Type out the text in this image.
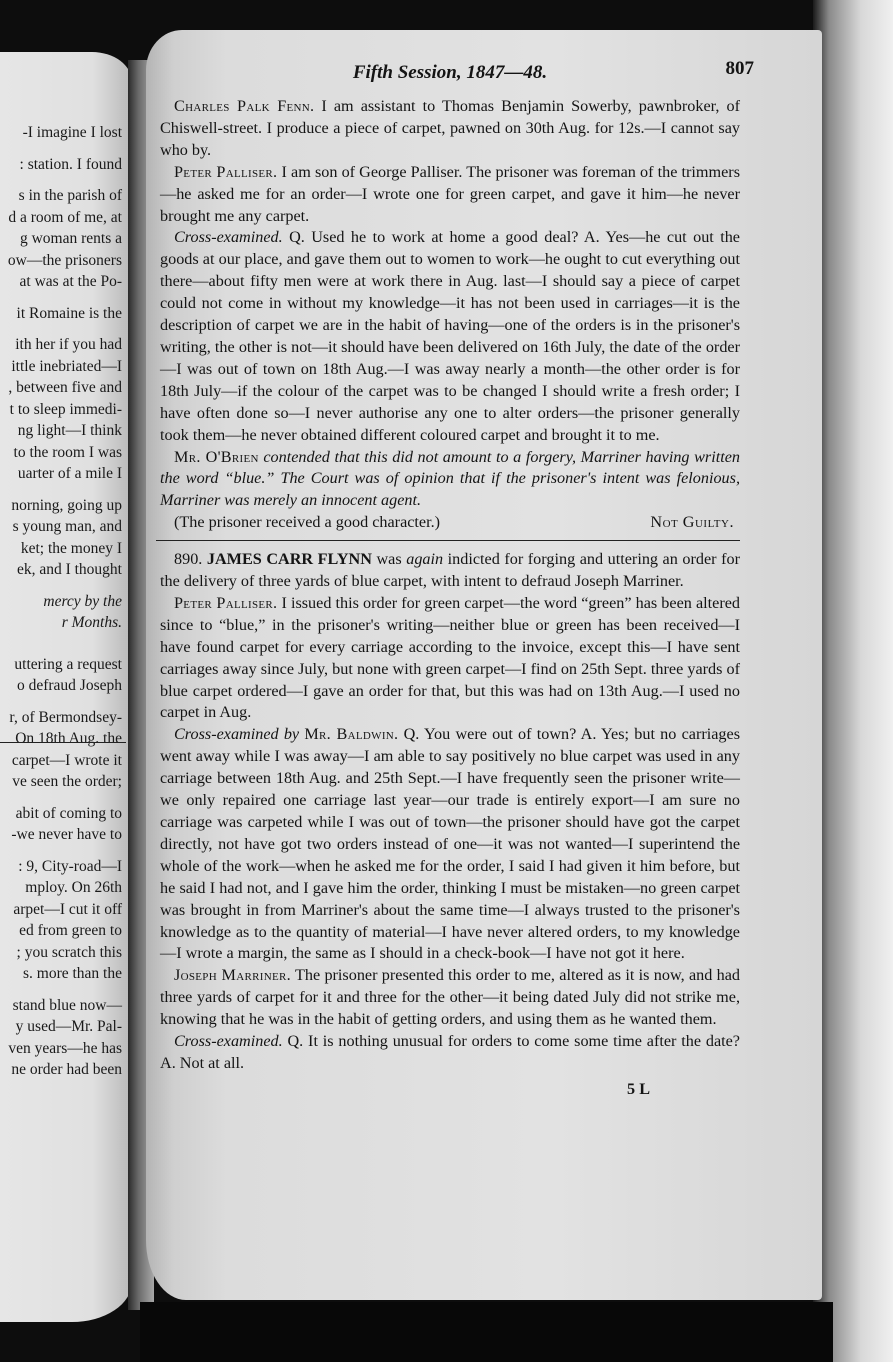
-I imagine I lost
: station. I found
s in the parish of
d a room of me, at
g woman rents a
ow—the prisoners
at was at the Po-
it Romaine is the
ith her if you had
ittle inebriated—I
, between five and
t to sleep immedi-
ng light—I think
to the room I was
uarter of a mile I
norning, going up
s young man, and
ket; the money I
ek, and I thought
mercy by the
r Months.
uttering a request
o defraud Joseph
r, of Bermondsey-
On 18th Aug. the
carpet—I wrote it
ve seen the order;
abit of coming to
-we never have to
: 9, City-road—I
mploy. On 26th
arpet—I cut it off
ed from green to
; you scratch this
s. more than the
stand blue now—
y used—Mr. Pal-
ven years—he has
ne order had been
Fifth Session, 1847—48.	807

Charles Palk Fenn. I am assistant to Thomas Benjamin Sowerby, pawnbroker, of Chiswell-street. I produce a piece of carpet, pawned on 30th Aug. for 12s.—I cannot say who by.

Peter Palliser. I am son of George Palliser. The prisoner was foreman of the trimmers—he asked me for an order—I wrote one for green carpet, and gave it him—he never brought me any carpet.

Cross-examined. Q. Used he to work at home a good deal? A. Yes—he cut out the goods at our place, and gave them out to women to work—he ought to cut everything out there—about fifty men were at work there in Aug. last—I should say a piece of carpet could not come in without my knowledge—it has not been used in carriages—it is the description of carpet we are in the habit of having—one of the orders is in the prisoner's writing, the other is not—it should have been delivered on 16th July, the date of the order—I was out of town on 18th Aug.—I was away nearly a month—the other order is for 18th July—if the colour of the carpet was to be changed I should write a fresh order; I have often done so—I never authorise any one to alter orders—the prisoner generally took them—he never obtained different coloured carpet and brought it to me.

Mr. O'Brien contended that this did not amount to a forgery, Marriner having written the word “blue.” The Court was of opinion that if the prisoner's intent was felonious, Marriner was merely an innocent agent.

(The prisoner received a good character.)	Not Guilty.

890. JAMES CARR FLYNN was again indicted for forging and uttering an order for the delivery of three yards of blue carpet, with intent to defraud Joseph Marriner.

Peter Palliser. I issued this order for green carpet—the word “green” has been altered since to “blue,” in the prisoner's writing—neither blue or green has been received—I have found carpet for every carriage according to the invoice, except this—I have sent carriages away since July, but none with green carpet—I find on 25th Sept. three yards of blue carpet ordered—I gave an order for that, but this was had on 13th Aug.—I used no carpet in Aug.

Cross-examined by Mr. Baldwin. Q. You were out of town? A. Yes; but no carriages went away while I was away—I am able to say positively no blue carpet was used in any carriage between 18th Aug. and 25th Sept.—I have frequently seen the prisoner write—we only repaired one carriage last year—our trade is entirely export—I am sure no carriage was carpeted while I was out of town—the prisoner should have got the carpet directly, not have got two orders instead of one—it was not wanted—I superintend the whole of the work—when he asked me for the order, I said I had given it him before, but he said I had not, and I gave him the order, thinking I must be mistaken—no green carpet was brought in from Marriner's about the same time—I always trusted to the prisoner's knowledge as to the quantity of material—I have never altered orders, to my knowledge—I wrote a margin, the same as I should in a check-book—I have not got it here.

Joseph Marriner. The prisoner presented this order to me, altered as it is now, and had three yards of carpet for it and three for the other—it being dated July did not strike me, knowing that he was in the habit of getting orders, and using them as he wanted them.

Cross-examined. Q. It is nothing unusual for orders to come some time after the date? A. Not at all.

5 L
